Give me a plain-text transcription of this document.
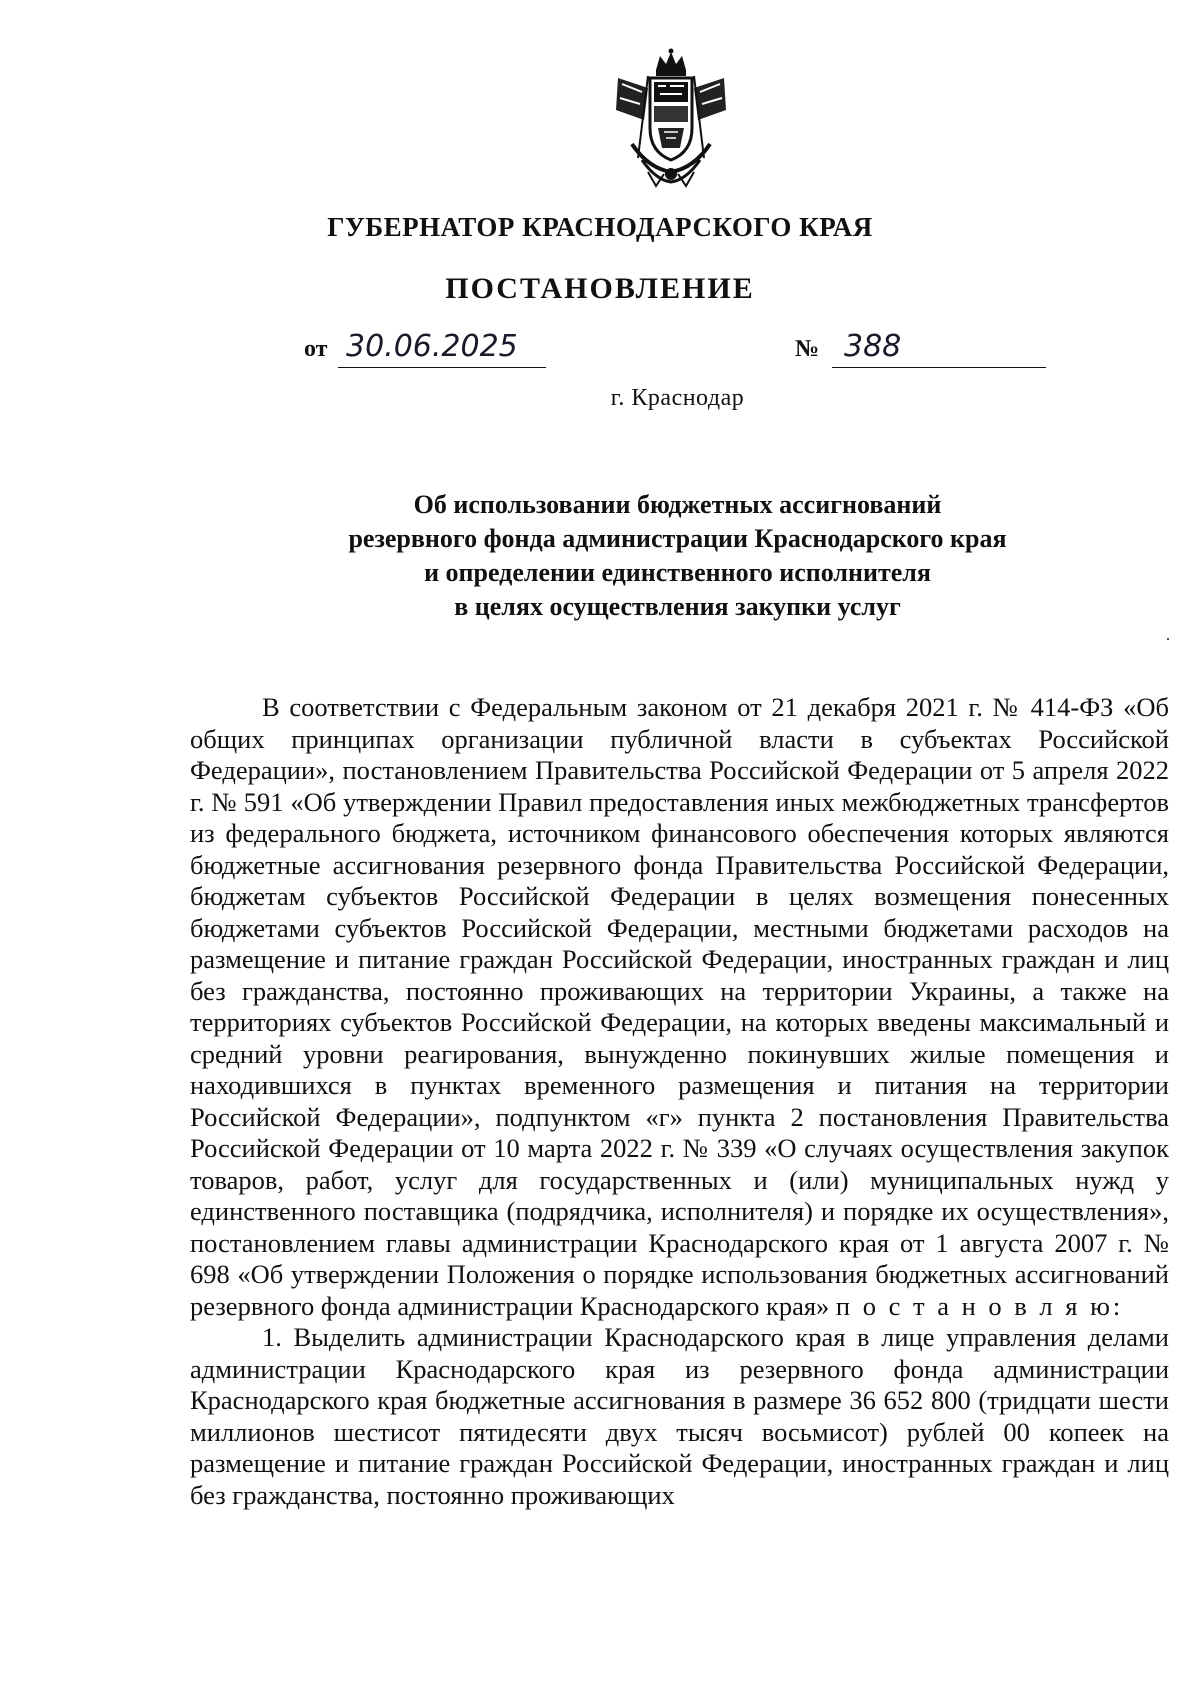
ГУБЕРНАТОР КРАСНОДАРСКОГО КРАЯ
ПОСТАНОВЛЕНИЕ
от 30.06.2025	№ 388
г. Краснодар
Об использовании бюджетных ассигнований
резервного фонда администрации Краснодарского края
и определении единственного исполнителя
в целях осуществления закупки услуг

В соответствии с Федеральным законом от 21 декабря 2021 г. № 414-ФЗ «Об общих принципах организации публичной власти в субъектах Российской Федерации», постановлением Правительства Российской Федерации от 5 апреля 2022 г. № 591 «Об утверждении Правил предоставления иных межбюджетных трансфертов из федерального бюджета, источником финансового обеспечения которых являются бюджетные ассигнования резервного фонда Правительства Российской Федерации, бюджетам субъектов Российской Федерации в целях возмещения понесенных бюджетами субъектов Российской Федерации, местными бюджетами расходов на размещение и питание граждан Российской Федерации, иностранных граждан и лиц без гражданства, постоянно проживающих на территории Украины, а также на территориях субъектов Российской Федерации, на которых введены максимальный и средний уровни реагирования, вынужденно покинувших жилые помещения и находившихся в пунктах временного размещения и питания на территории Российской Федерации», подпунктом «г» пункта 2 постановления Правительства Российской Федерации от 10 марта 2022 г. № 339 «О случаях осуществления закупок товаров, работ, услуг для государственных и (или) муниципальных нужд у единственного поставщика (подрядчика, исполнителя) и порядке их осуществления», постановлением главы администрации Краснодарского края от 1 августа 2007 г. № 698 «Об утверждении Положения о порядке использования бюджетных ассигнований резервного фонда администрации Краснодарского края» п о с т а н о в л я ю:

1. Выделить администрации Краснодарского края в лице управления делами администрации Краснодарского края из резервного фонда администрации Краснодарского края бюджетные ассигнования в размере 36 652 800 (тридцати шести миллионов шестисот пятидесяти двух тысяч восьмисот) рублей 00 копеек на размещение и питание граждан Российской Федерации, иностранных граждан и лиц без гражданства, постоянно проживающих
